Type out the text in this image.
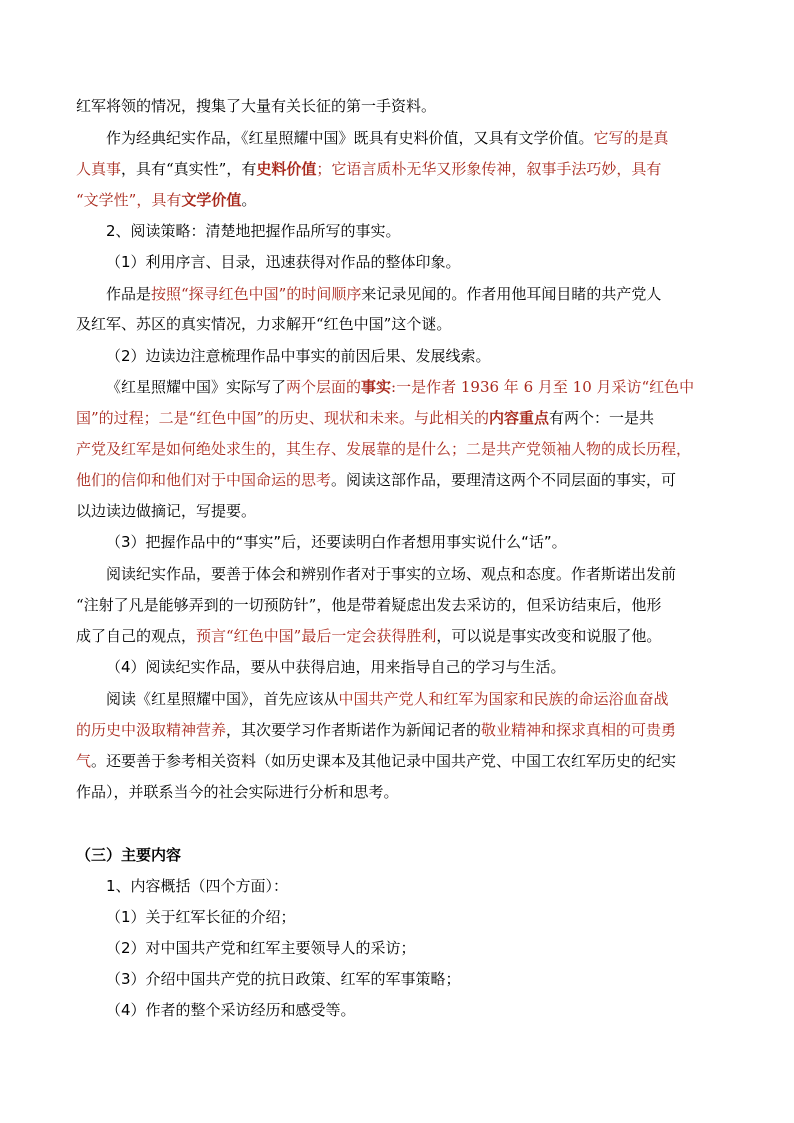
红军将领的情况，搜集了大量有关长征的第一手资料。
作为经典纪实作品，《红星照耀中国》既具有史料价值，又具有文学价值。它写的是真
人真事，具有“真实性”，有史料价值；它语言质朴无华又形象传神，叙事手法巧妙，具有
“文学性”，具有文学价值。
2、阅读策略：清楚地把握作品所写的事实。
（1）利用序言、目录，迅速获得对作品的整体印象。
作品是按照“探寻红色中国”的时间顺序来记录见闻的。作者用他耳闻目睹的共产党人
及红军、苏区的真实情况，力求解开“红色中国”这个谜。
（2）边读边注意梳理作品中事实的前因后果、发展线索。
《红星照耀中国》实际写了两个层面的事实:一是作者 1936 年 6 月至 10 月采访“红色中
国”的过程；二是“红色中国”的历史、现状和未来。与此相关的内容重点有两个：一是共
产党及红军是如何绝处求生的，其生存、发展靠的是什么；二是共产党领袖人物的成长历程，
他们的信仰和他们对于中国命运的思考。阅读这部作品，要理清这两个不同层面的事实，可
以边读边做摘记，写提要。
（3）把握作品中的“事实”后，还要读明白作者想用事实说什么“话”。
阅读纪实作品，要善于体会和辨别作者对于事实的立场、观点和态度。作者斯诺出发前
“注射了凡是能够弄到的一切预防针”，他是带着疑虑出发去采访的，但采访结束后，他形
成了自己的观点，预言“红色中国”最后一定会获得胜利，可以说是事实改变和说服了他。
（4）阅读纪实作品，要从中获得启迪，用来指导自己的学习与生活。
阅读《红星照耀中国》，首先应该从中国共产党人和红军为国家和民族的命运浴血奋战
的历史中汲取精神营养，其次要学习作者斯诺作为新闻记者的敬业精神和探求真相的可贵勇
气。还要善于参考相关资料（如历史课本及其他记录中国共产党、中国工农红军历史的纪实
作品），并联系当今的社会实际进行分析和思考。
（三）主要内容
1、内容概括（四个方面）：
（1）关于红军长征的介绍；
（2）对中国共产党和红军主要领导人的采访；
（3）介绍中国共产党的抗日政策、红军的军事策略；
（4）作者的整个采访经历和感受等。
